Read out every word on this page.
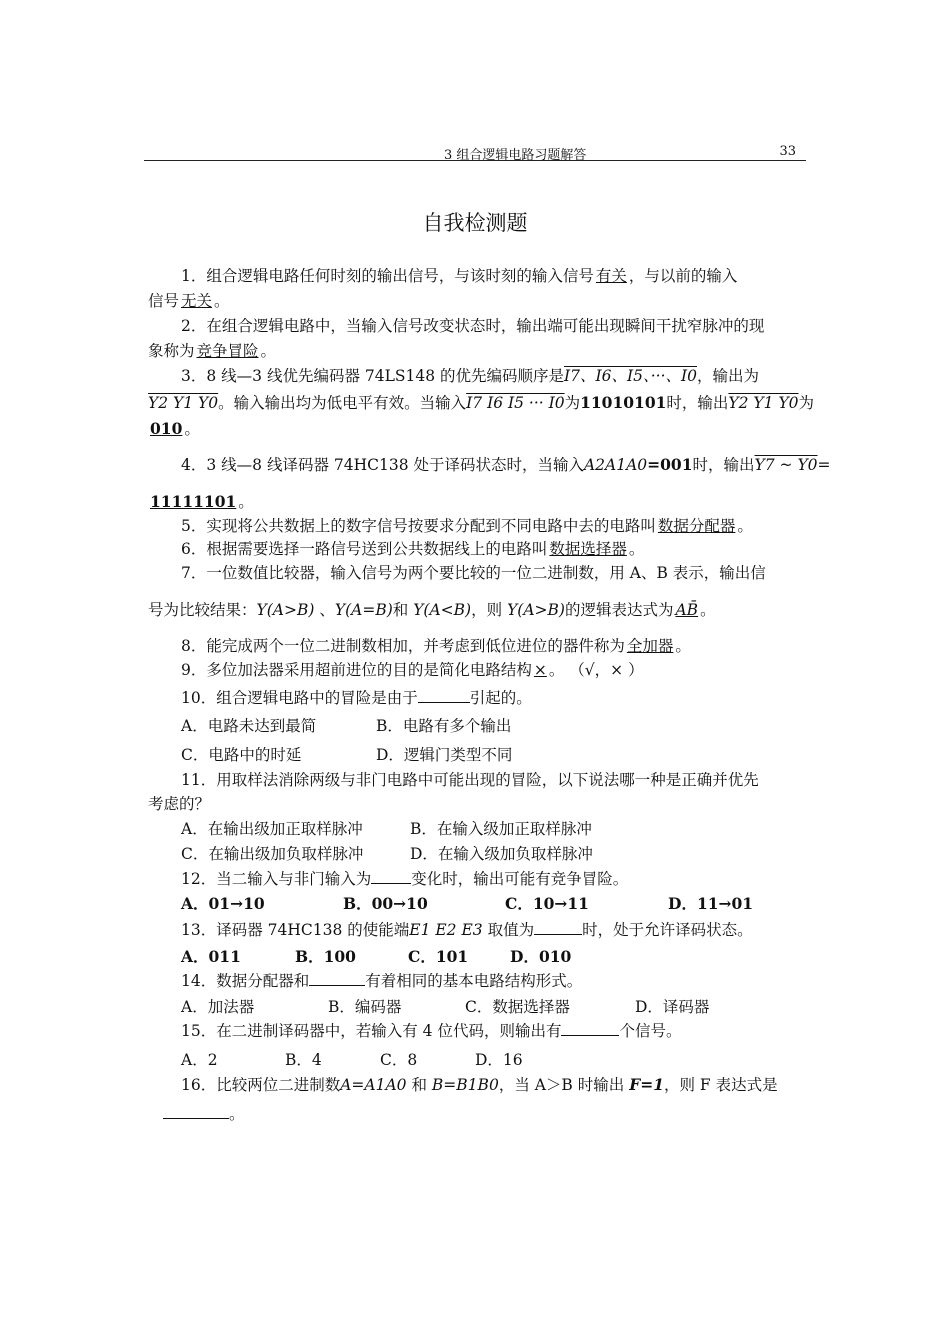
3 组合逻辑电路习题解答	33
自我检测题
1．组合逻辑电路任何时刻的输出信号，与该时刻的输入信号 有关 ，与以前的输入
信号 无关 。
2．在组合逻辑电路中，当输入信号改变状态时，输出端可能出现瞬间干扰窄脉冲的现
象称为 竞争冒险 。
3．8 线—3 线优先编码器 74LS148 的优先编码顺序是I7、I6、I5、···、I0，输出为
Y2 Y1 Y0。输入输出均为低电平有效。当输入I7 I6 I5 ··· I0为11010101时，输出Y2 Y1 Y0为
010 。
4．3 线—8 线译码器 74HC138 处于译码状态时，当输入A2A1A0=001时，输出Y7 ~ Y0=
11111101 。
5．实现将公共数据上的数字信号按要求分配到不同电路中去的电路叫 数据分配器 。
6．根据需要选择一路信号送到公共数据线上的电路叫 数据选择器 。
7．一位数值比较器，输入信号为两个要比较的一位二进制数，用 A、B 表示，输出信
号为比较结果：Y(A>B) 、Y(A=B)和 Y(A<B)，则 Y(A>B)的逻辑表达式为 AB̄ 。
8．能完成两个一位二进制数相加，并考虑到低位进位的器件称为 全加器 。
9．多位加法器采用超前进位的目的是简化电路结构 × 。 （√，× ）
10．组合逻辑电路中的冒险是由于	引起的。
A．电路未达到最简	B．电路有多个输出
C．电路中的时延	D．逻辑门类型不同
11．用取样法消除两级与非门电路中可能出现的冒险，以下说法哪一种是正确并优先
考虑的？
A．在输出级加正取样脉冲	B．在输入级加正取样脉冲
C．在输出级加负取样脉冲	D．在输入级加负取样脉冲
12．当二输入与非门输入为	变化时，输出可能有竞争冒险。
A．01→10	B．00→10	C．10→11	D．11→01
13．译码器 74HC138 的使能端E1 E2 E3 取值为	时，处于允许译码状态。
A．011	B．100	C．101	D．010
14．数据分配器和	有着相同的基本电路结构形式。
A．加法器	B．编码器	C．数据选择器	D．译码器
15．在二进制译码器中，若输入有 4 位代码，则输出有	个信号。
A．2	B．4	C．8	D．16
16．比较两位二进制数A=A1A0 和 B=B1B0，当 A＞B 时输出 F=1，则 F 表达式是
。
